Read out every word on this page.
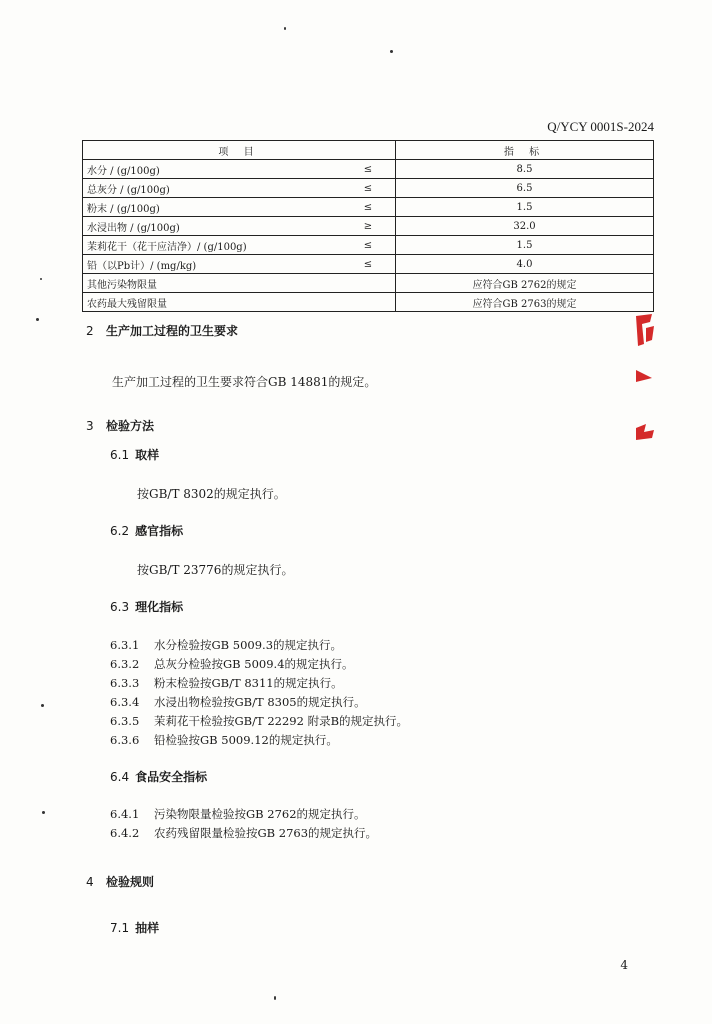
Q/YCY 0001S-2024
项 目		指 标
水分 / (g/100g)	≤	8.5
总灰分 / (g/100g)	≤	6.5
粉末 / (g/100g)	≤	1.5
水浸出物 / (g/100g)	≥	32.0
茉莉花干（花干应洁净）/ (g/100g)	≤	1.5
铅（以Pb计）/ (mg/kg)	≤	4.0
其他污染物限量		应符合GB 2762的规定
农药最大残留限量		应符合GB 2763的规定
2 生产加工过程的卫生要求
生产加工过程的卫生要求符合GB 14881的规定。
3 检验方法
6.1 取样
按GB/T 8302的规定执行。
6.2 感官指标
按GB/T 23776的规定执行。
6.3 理化指标
6.3.1 水分检验按GB 5009.3的规定执行。
6.3.2 总灰分检验按GB 5009.4的规定执行。
6.3.3 粉末检验按GB/T 8311的规定执行。
6.3.4 水浸出物检验按GB/T 8305的规定执行。
6.3.5 茉莉花干检验按GB/T 22292 附录B的规定执行。
6.3.6 铅检验按GB 5009.12的规定执行。
6.4 食品安全指标
6.4.1 污染物限量检验按GB 2762的规定执行。
6.4.2 农药残留限量检验按GB 2763的规定执行。
4 检验规则
7.1 抽样
4
